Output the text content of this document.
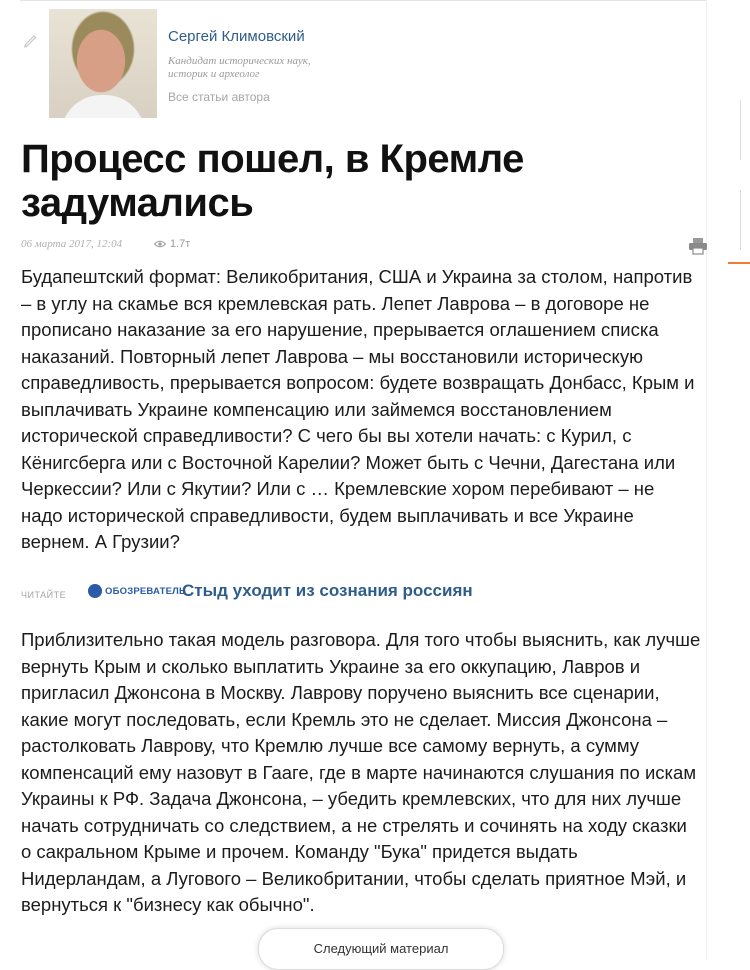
Сергей Климовский
Кандидат исторических наук, историк и археолог
Все статьи автора
Процесс пошел, в Кремле задумались
06 марта 2017, 12:04	1.7т
Будапештский формат: Великобритания, США и Украина за столом, напротив – в углу на скамье вся кремлевская рать. Лепет Лаврова – в договоре не прописано наказание за его нарушение, прерывается оглашением списка наказаний. Повторный лепет Лаврова – мы восстановили историческую справедливость, прерывается вопросом: будете возвращать Донбасс, Крым и выплачивать Украине компенсацию или займемся восстановлением исторической справедливости? С чего бы вы хотели начать: с Курил, с Кёнигсберга или с Восточной Карелии? Может быть с Чечни, Дагестана или Черкессии? Или с Якутии? Или с … Кремлевские хором перебивают – не надо исторической справедливости, будем выплачивать и все Украине вернем. А Грузии?
ЧИТАЙТЕ	ОБОЗРЕВАТЕЛЬ
Стыд уходит из сознания россиян
Приблизительно такая модель разговора. Для того чтобы выяснить, как лучше вернуть Крым и сколько выплатить Украине за его оккупацию, Лавров и пригласил Джонсона в Москву. Лаврову поручено выяснить все сценарии, какие могут последовать, если Кремль это не сделает. Миссия Джонсона – растолковать Лаврову, что Кремлю лучше все самому вернуть, а сумму компенсаций ему назовут в Гааге, где в марте начинаются слушания по искам Украины к РФ. Задача Джонсона, – убедить кремлевских, что для них лучше начать сотрудничать со следствием, а не стрелять и сочинять на ходу сказки о сакральном Крыме и прочем. Команду "Бука" придется выдать Нидерландам, а Лугового – Великобритании, чтобы сделать приятное Мэй, и вернуться к "бизнесу как обычно".
Следующий материал
